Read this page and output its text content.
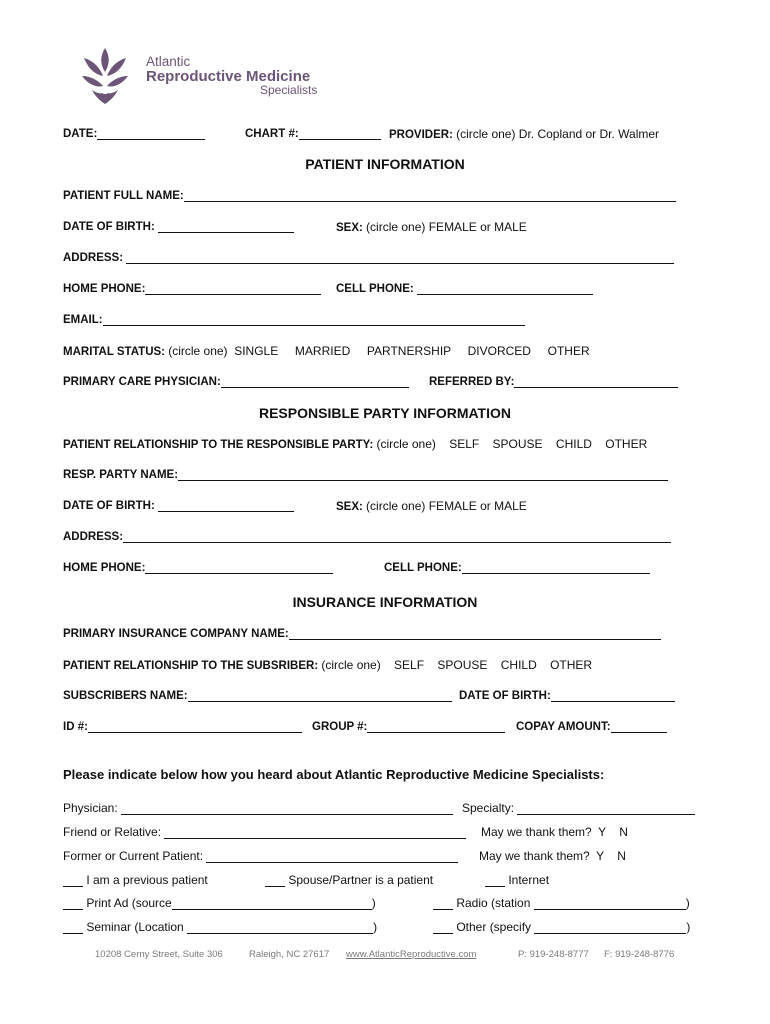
Atlantic
Reproductive Medicine
Specialists
DATE:	CHART #:	PROVIDER: (circle one) Dr. Copland or Dr. Walmer
PATIENT INFORMATION
PATIENT FULL NAME:
DATE OF BIRTH:	SEX: (circle one) FEMALE or MALE
ADDRESS:
HOME PHONE:	CELL PHONE:
EMAIL:
MARITAL STATUS: (circle one)  SINGLE     MARRIED     PARTNERSHIP     DIVORCED     OTHER
PRIMARY CARE PHYSICIAN:	REFERRED BY:
RESPONSIBLE PARTY INFORMATION
PATIENT RELATIONSHIP TO THE RESPONSIBLE PARTY: (circle one)    SELF    SPOUSE    CHILD    OTHER
RESP. PARTY NAME:
DATE OF BIRTH:	SEX: (circle one) FEMALE or MALE
ADDRESS:
HOME PHONE:	CELL PHONE:
INSURANCE INFORMATION
PRIMARY INSURANCE COMPANY NAME:
PATIENT RELATIONSHIP TO THE SUBSRIBER: (circle one)    SELF    SPOUSE    CHILD    OTHER
SUBSCRIBERS NAME:	DATE OF BIRTH:
ID #:	GROUP #:	COPAY AMOUNT:
Please indicate below how you heard about Atlantic Reproductive Medicine Specialists:
Physician:	Specialty:
Friend or Relative:	May we thank them?  Y    N
Former or Current Patient:	May we thank them?  Y    N
I am a previous patient	Spouse/Partner is a patient	Internet
Print Ad (source	)	Radio (station	)
Seminar (Location	)	Other (specify	)
10208 Cerny Street, Suite 306	Raleigh, NC 27617 www.AtlanticReproductive.com	P: 919-248-8777 F: 919-248-8776
